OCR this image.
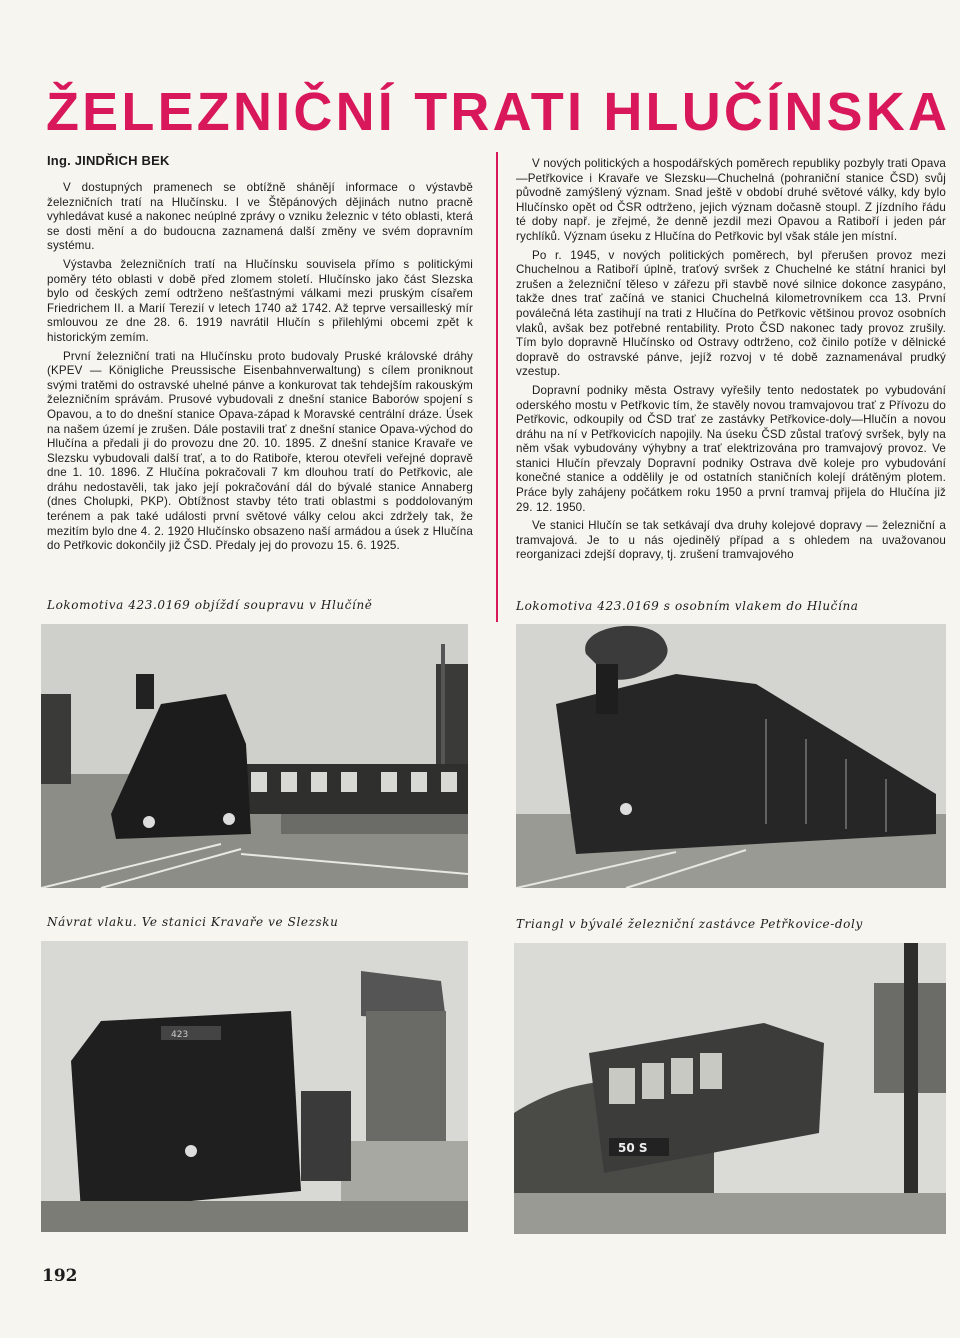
ŽELEZNIČNÍ TRATI HLUČÍNSKA
Ing. JINDŘICH BEK

V dostupných pramenech se obtížně shánějí informace o výstavbě železničních tratí na Hlučínsku. I ve Štěpánových dějinách nutno pracně vyhledávat kusé a nakonec neúplné zprávy o vzniku železnic v této oblasti, která se dosti mění a do budoucna zaznamená další změny ve svém dopravním systému.

Výstavba železničních tratí na Hlučínsku souvisela přímo s politickými poměry této oblasti v době před zlomem století. Hlučínsko jako část Slezska bylo od českých zemí odtrženo nešťastnými válkami mezi pruským císařem Friedrichem II. a Marií Terezií v letech 1740 až 1742. Až teprve versailleský mír smlouvou ze dne 28. 6. 1919 navrátil Hlučín s přilehlými obcemi zpět k historickým zemím.

První železniční trati na Hlučínsku proto budovaly Pruské královské dráhy (KPEV — Königliche Preussische Eisenbahnverwaltung) s cílem proniknout svými tratěmi do ostravské uhelné pánve a konkurovat tak tehdejším rakouským železničním správám. Prusové vybudovali z dnešní stanice Baborów spojení s Opavou, a to do dnešní stanice Opava-západ k Moravské centrální dráze. Úsek na našem území je zrušen. Dále postavili trať z dnešní stanice Opava-východ do Hlučína a předali ji do provozu dne 20. 10. 1895. Z dnešní stanice Kravaře ve Slezsku vybudovali další trať, a to do Ratiboře, kterou otevřeli veřejné dopravě dne 1. 10. 1896. Z Hlučína pokračovali 7 km dlouhou tratí do Petřkovic, ale dráhu nedostavěli, tak jako její pokračování dál do bývalé stanice Annaberg (dnes Cholupki, PKP). Obtížnost stavby této trati oblastmi s poddolovaným terénem a pak také události první světové války celou akci zdržely tak, že mezitím bylo dne 4. 2. 1920 Hlučínsko obsazeno naší armádou a úsek z Hlučína do Petřkovic dokončily již ČSD. Předaly jej do provozu 15. 6. 1925.

V nových politických a hospodářských poměrech republiky pozbyly trati Opava—Petřkovice i Kravaře ve Slezsku—Chuchelná (pohraniční stanice ČSD) svůj původně zamýšlený význam. Snad ještě v období druhé světové války, kdy bylo Hlučínsko opět od ČSR odtrženo, jejich význam dočasně stoupl. Z jízdního řádu té doby např. je zřejmé, že denně jezdil mezi Opavou a Ratiboří i jeden pár rychlíků. Význam úseku z Hlučína do Petřkovic byl však stále jen místní.

Po r. 1945, v nových politických poměrech, byl přerušen provoz mezi Chuchelnou a Ratiboří úplně, traťový svršek z Chuchelné ke státní hranici byl zrušen a železniční těleso v zářezu při stavbě nové silnice dokonce zasypáno, takže dnes trať začíná ve stanici Chuchelná kilometrovníkem cca 13. První poválečná léta zastihují na trati z Hlučína do Petřkovic většinou provoz osobních vlaků, avšak bez potřebné rentability. Proto ČSD nakonec tady provoz zrušily. Tím bylo dopravně Hlučínsko od Ostravy odtrženo, což činilo potíže v dělnické dopravě do ostravské pánve, jejíž rozvoj v té době zaznamenával prudký vzestup.

Dopravní podniky města Ostravy vyřešily tento nedostatek po vybudování oderského mostu v Petřkovic tím, že stavěly novou tramvajovou trať z Přívozu do Petřkovic, odkoupily od ČSD trať ze zastávky Petřkovice-doly—Hlučín a novou dráhu na ní v Petřkovicích napojily. Na úseku ČSD zůstal traťový svršek, byly na něm však vybudovány výhybny a trať elektrizována pro tramvajový provoz. Ve stanici Hlučín převzaly Dopravní podniky Ostrava dvě koleje pro vybudování konečné stanice a oddělily je od ostatních staničních kolejí drátěným plotem. Práce byly zahájeny počátkem roku 1950 a první tramvaj přijela do Hlučína již 29. 12. 1950.

Ve stanici Hlučín se tak setkávají dva druhy kolejové dopravy — železniční a tramvajová. Je to u nás ojedinělý případ a s ohledem na uvažovanou reorganizaci zdejší dopravy, tj. zrušení tramvajového

Lokomotiva 423.0169 objíždí soupravu v Hlučíně	Lokomotiva 423.0169 s osobním vlakem do Hlučína
Návrat vlaku. Ve stanici Kravaře ve Slezsku	Triangl v bývalé železniční zastávce Petřkovice-doly
423
50 S
192
